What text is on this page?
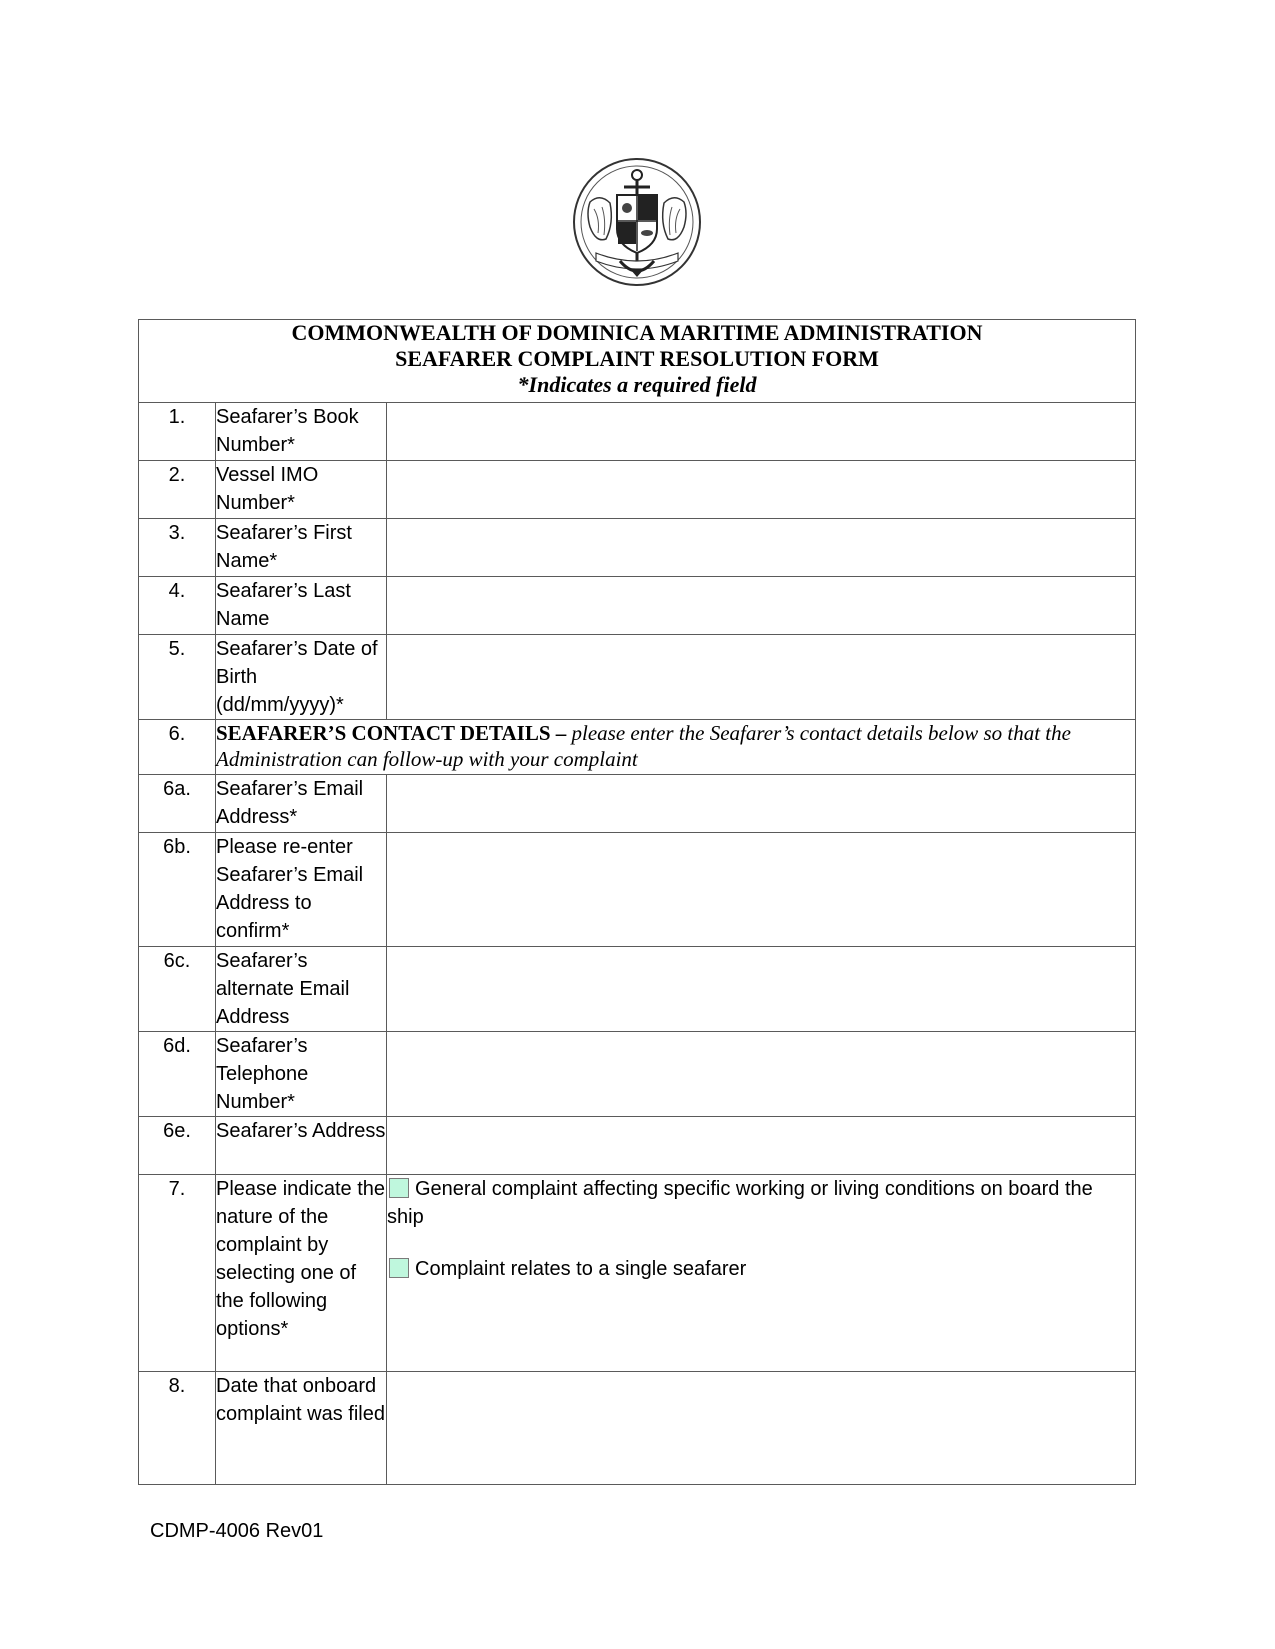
COMMONWEALTH OF DOMINICA MARITIME ADMINISTRATION
SEAFARER COMPLAINT RESOLUTION FORM
*Indicates a required field		

1.	Seafarer’s Book Number*	

2.	Vessel IMO Number*	

3.	Seafarer’s First Name*	

4.	Seafarer’s Last Name	

5.	Seafarer’s Date of Birth (dd/mm/yyyy)*	

6.	SEAFARER’S CONTACT DETAILS – please enter the Seafarer’s contact details below so that the Administration can follow-up with your complaint	
6a.	Seafarer’s Email Address*	

6b.	Please re-enter Seafarer’s Email Address to confirm*	

6c.	Seafarer’s alternate Email Address	

6d.	Seafarer’s Telephone Number*	

6e.	Seafarer’s Address	

7.	Please indicate the nature of the complaint by selecting one of the following options*	General complaint affecting specific working or living conditions on board the ship
Complaint relates to a single seafarer

8.	Date that onboard complaint was filed	
CDMP-4006 Rev01
